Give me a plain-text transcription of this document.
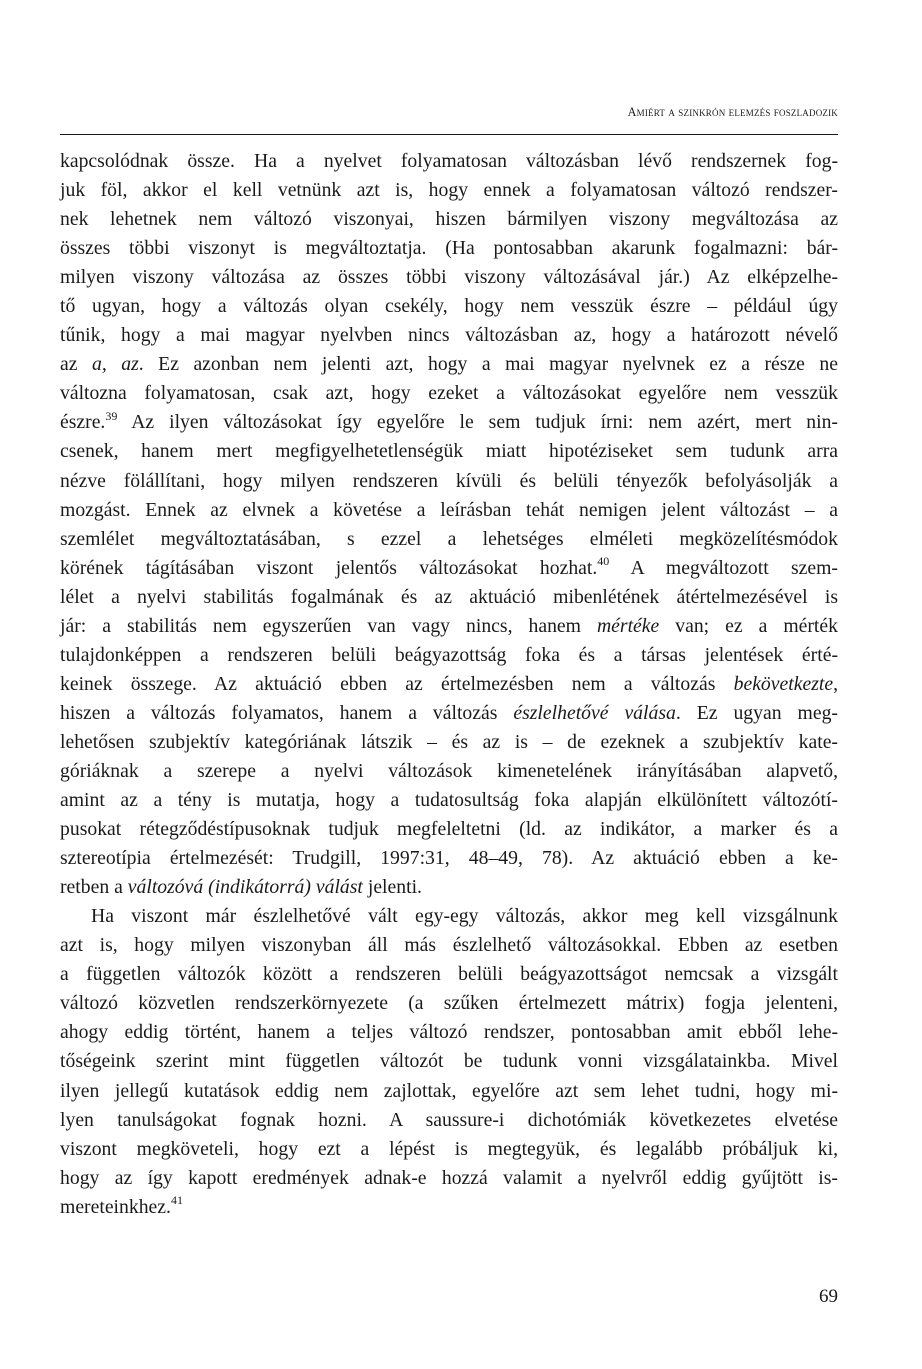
Amiért a szinkrón elemzés foszladozik
kapcsolódnak össze. Ha a nyelvet folyamatosan változásban lévő rendszernek fog-
juk föl, akkor el kell vetnünk azt is, hogy ennek a folyamatosan változó rendszer-
nek lehetnek nem változó viszonyai, hiszen bármilyen viszony megváltozása az
összes többi viszonyt is megváltoztatja. (Ha pontosabban akarunk fogalmazni: bár-
milyen viszony változása az összes többi viszony változásával jár.) Az elképzelhe-
tő ugyan, hogy a változás olyan csekély, hogy nem vesszük észre – például úgy
tűnik, hogy a mai magyar nyelvben nincs változásban az, hogy a határozott névelő
az a, az. Ez azonban nem jelenti azt, hogy a mai magyar nyelvnek ez a része ne
változna folyamatosan, csak azt, hogy ezeket a változásokat egyelőre nem vesszük
észre.$^{39}$ Az ilyen változásokat így egyelőre le sem tudjuk írni: nem azért, mert nin-
csenek, hanem mert megfigyelhetetlenségük miatt hipotéziseket sem tudunk arra
nézve fölállítani, hogy milyen rendszeren kívüli és belüli tényezők befolyásolják a
mozgást. Ennek az elvnek a követése a leírásban tehát nemigen jelent változást – a
szemlélet megváltoztatásában, s ezzel a lehetséges elméleti megközelítésmódok
körének tágításában viszont jelentős változásokat hozhat.$^{40}$ A megváltozott szem-
lélet a nyelvi stabilitás fogalmának és az aktuáció mibenlétének átértelmezésével is
jár: a stabilitás nem egyszerűen van vagy nincs, hanem mértéke van; ez a mérték
tulajdonképpen a rendszeren belüli beágyazottság foka és a társas jelentések érté-
keinek összege. Az aktuáció ebben az értelmezésben nem a változás bekövetkezte,
hiszen a változás folyamatos, hanem a változás észlelhetővé válása. Ez ugyan meg-
lehetősen szubjektív kategóriának látszik – és az is – de ezeknek a szubjektív kate-
góriáknak a szerepe a nyelvi változások kimenetelének irányításában alapvető,
amint az a tény is mutatja, hogy a tudatosultság foka alapján elkülönített változótí-
pusokat rétegződéstípusoknak tudjuk megfeleltetni (ld. az indikátor, a marker és a
sztereotípia értelmezését: Trudgill, 1997:31, 48–49, 78). Az aktuáció ebben a ke-
retben a változóvá (indikátorrá) válást jelenti.
Ha viszont már észlelhetővé vált egy-egy változás, akkor meg kell vizsgálnunk
azt is, hogy milyen viszonyban áll más észlelhető változásokkal. Ebben az esetben
a független változók között a rendszeren belüli beágyazottságot nemcsak a vizsgált
változó közvetlen rendszerkörnyezete (a szűken értelmezett mátrix) fogja jelenteni,
ahogy eddig történt, hanem a teljes változó rendszer, pontosabban amit ebből lehe-
tőségeink szerint mint független változót be tudunk vonni vizsgálatainkba. Mivel
ilyen jellegű kutatások eddig nem zajlottak, egyelőre azt sem lehet tudni, hogy mi-
lyen tanulságokat fognak hozni. A saussure-i dichotómiák következetes elvetése
viszont megköveteli, hogy ezt a lépést is megtegyük, és legalább próbáljuk ki,
hogy az így kapott eredmények adnak-e hozzá valamit a nyelvről eddig gyűjtött is-
mereteinkhez.$^{41}$
69
